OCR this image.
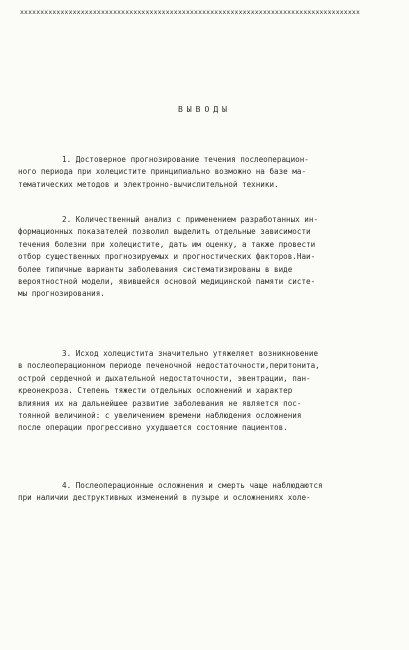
xxxxxxxxxxxxxxxxxxxxxxxxxxxxxxxxxxxxxxxxxxxxxxxxxxxxxxxxxxxxxxxxxxxxxxxxxxxxxxxxxxxx
ВЫВОДЫ
1. Достоверное прогнозирование течения послеоперацион-
ного периода при холецистите принципиально возможно на базе ма-
тематических методов и электронно-вычислительной техники.
2. Количественный анализ с применением разработанных ин-
формационных показателей позволил выделить отдельные зависимости
течения болезни при холецистите, дать им оценку, а также провести
отбор существенных прогнозируемых и прогностических факторов.Наи-
более типичные варианты заболевания систематизированы в виде
вероятностной модели, явившейся основой медицинской памяти систе-
мы прогнозирования.
3. Исход холецистита значительно утяжеляет возникновение
в послеоперационном периоде печеночной недостаточности,перитонита,
острой сердечной и дыхательной недостаточности, эвентрации, пан-
креонекроза. Степень тяжести отдельных осложнений и характер
влияния их на дальнейшее развитие заболевания не является пос-
тоянной величиной: с увеличением времени наблюдения осложнения
после операции прогрессивно ухудшается состояние пациентов.
4. Послеоперационные осложнения и смерть чаще наблюдаются
при наличии деструктивных изменений в пузыре и осложнениях холе-
